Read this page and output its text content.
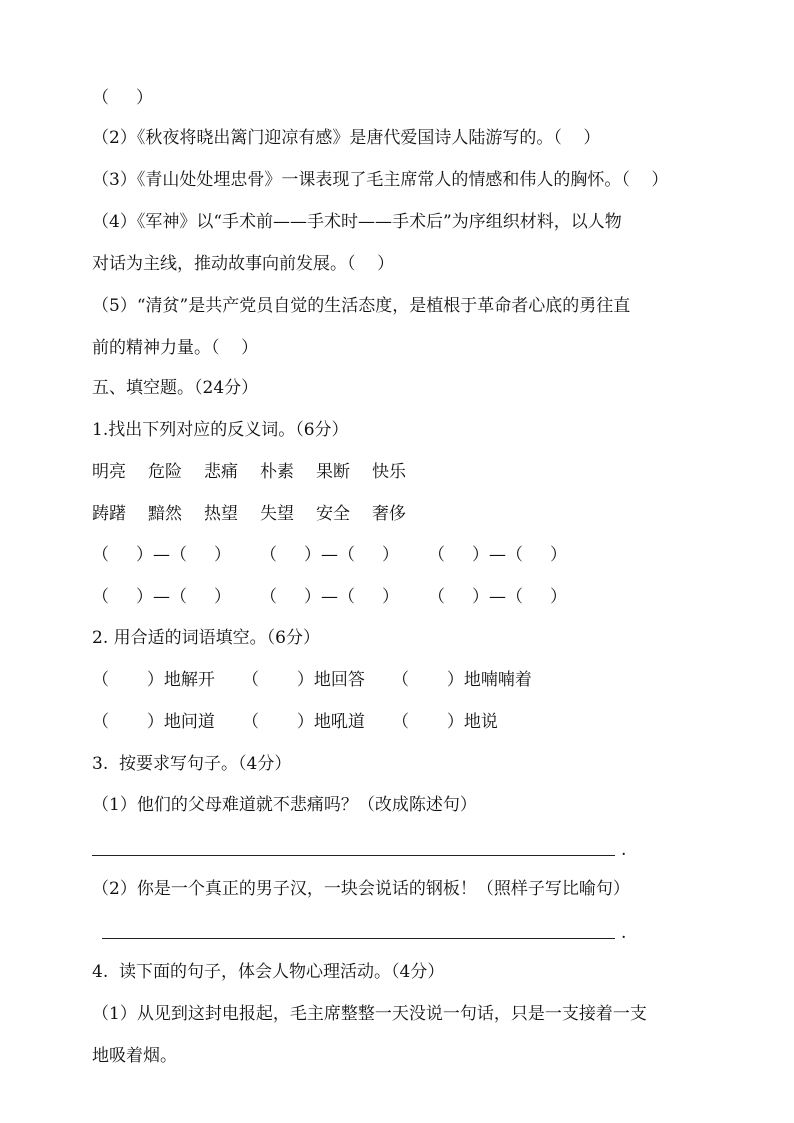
（     ）
（2）《秋夜将晓出篱门迎凉有感》是唐代爱国诗人陆游写的。（    ）
（3）《青山处处埋忠骨》一课表现了毛主席常人的情感和伟人的胸怀。（    ）
（4）《军神》以“手术前——手术时——手术后”为序组织材料，以人物
对话为主线，推动故事向前发展。（    ）
（5）“清贫”是共产党员自觉的生活态度，是植根于革命者心底的勇往直
前的精神力量。（    ）
五、填空题。（24分）
1.找出下列对应的反义词。（6分）
明亮 危险 悲痛 朴素 果断 快乐
踌躇 黯然 热望 失望 安全 奢侈
（     ）—（     ） （     ）—（     ） （     ）—（     ）
（     ）—（     ） （     ）—（     ） （     ）—（     ）
2. 用合适的词语填空。（6分）
（       ）地解开 （       ）地回答 （       ）地喃喃着
（       ）地问道 （       ）地吼道 （       ）地说
3.  按要求写句子。（4分）
（1）他们的父母难道就不悲痛吗？（改成陈述句）
.
（2）你是一个真正的男子汉，一块会说话的钢板！（照样子写比喻句）
.
4.  读下面的句子，体会人物心理活动。（4分）
（1）从见到这封电报起，毛主席整整一天没说一句话，只是一支接着一支
地吸着烟。
